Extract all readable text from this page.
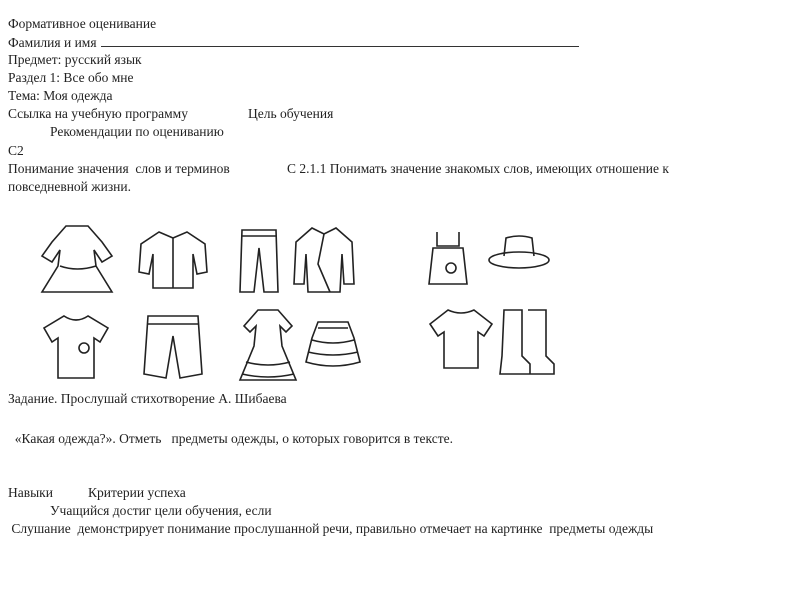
Формативное оценивание
Фамилия и имя
Предмет: русский язык
Раздел 1: Все обо мне
Тема: Моя одежда
Ссылка на учебную программу	Цель обучения
Рекомендации по оцениванию
С2
Понимание значения  слов и терминов	С 2.1.1 Понимать значение знакомых слов, имеющих отношение к
повседневной жизни.
Задание. Прослушай стихотворение А. Шибаева
«Какая одежда?». Отметь   предметы одежды, о которых говорится в тексте.
Навыки	Критерии успеха
Учащийся достиг цели обучения, если
Слушание  демонстрирует понимание прослушанной речи, правильно отмечает на картинке  предметы одежды
